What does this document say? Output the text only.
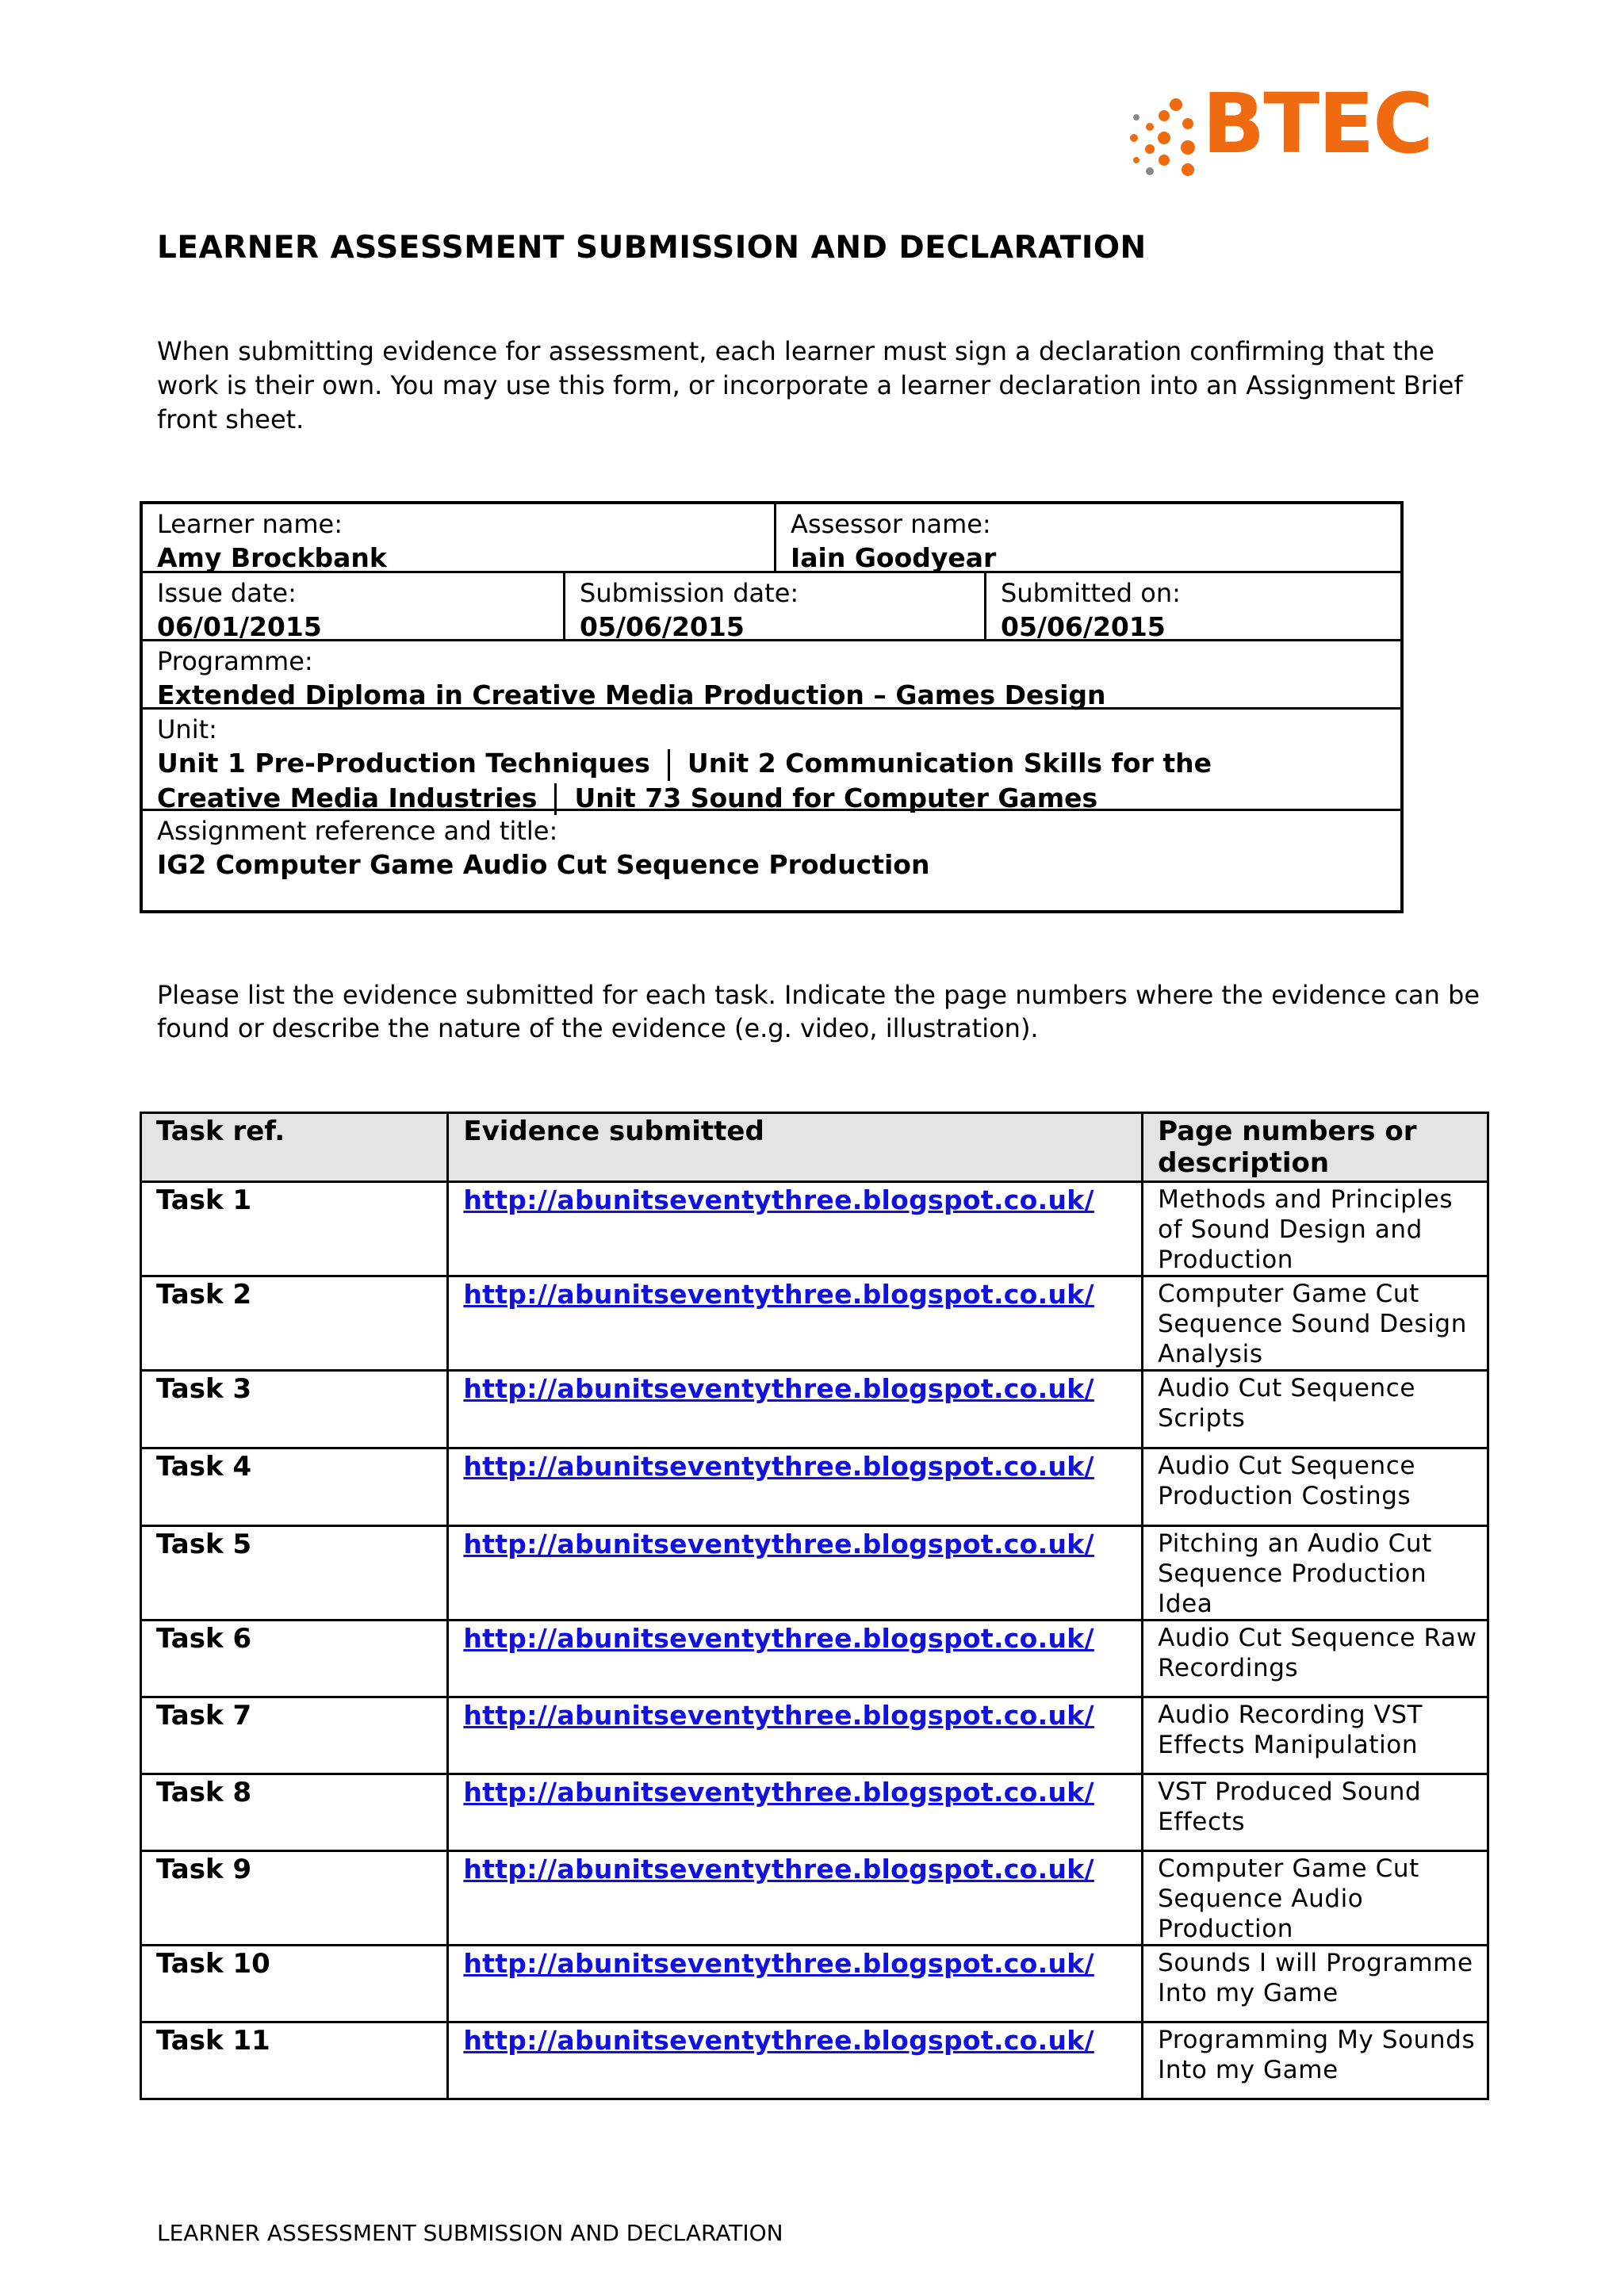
BTEC
LEARNER ASSESSMENT SUBMISSION AND DECLARATION
When submitting evidence for assessment, each learner must sign a declaration confirming that the work is their own. You may use this form, or incorporate a learner declaration into an Assignment Brief front sheet.
Learner name:
Amy Brockbank
Assessor name:
Iain Goodyear
Issue date:
06/01/2015
Submission date:
05/06/2015
Submitted on:
05/06/2015
Programme:
Extended Diploma in Creative Media Production – Games Design
Unit:
Unit 1 Pre-Production Techniques Unit 2 Communication Skills for the
Creative Media Industries Unit 73 Sound for Computer Games
Assignment reference and title:
IG2 Computer Game Audio Cut Sequence Production
Please list the evidence submitted for each task. Indicate the page numbers where the evidence can be found or describe the nature of the evidence (e.g. video, illustration).
Task ref.	Evidence submitted	Page numbers or description
Task 1	http://abunitseventythree.blogspot.co.uk/	Methods and Principles of Sound Design and Production
Task 2	http://abunitseventythree.blogspot.co.uk/	Computer Game Cut Sequence Sound Design Analysis
Task 3	http://abunitseventythree.blogspot.co.uk/	Audio Cut Sequence Scripts
Task 4	http://abunitseventythree.blogspot.co.uk/	Audio Cut Sequence Production Costings
Task 5	http://abunitseventythree.blogspot.co.uk/	Pitching an Audio Cut Sequence Production Idea
Task 6	http://abunitseventythree.blogspot.co.uk/	Audio Cut Sequence Raw Recordings
Task 7	http://abunitseventythree.blogspot.co.uk/	Audio Recording VST Effects Manipulation
Task 8	http://abunitseventythree.blogspot.co.uk/	VST Produced Sound Effects
Task 9	http://abunitseventythree.blogspot.co.uk/	Computer Game Cut Sequence Audio Production
Task 10	http://abunitseventythree.blogspot.co.uk/	Sounds I will Programme Into my Game
Task 11	http://abunitseventythree.blogspot.co.uk/	Programming My Sounds Into my Game
LEARNER ASSESSMENT SUBMISSION AND DECLARATION
